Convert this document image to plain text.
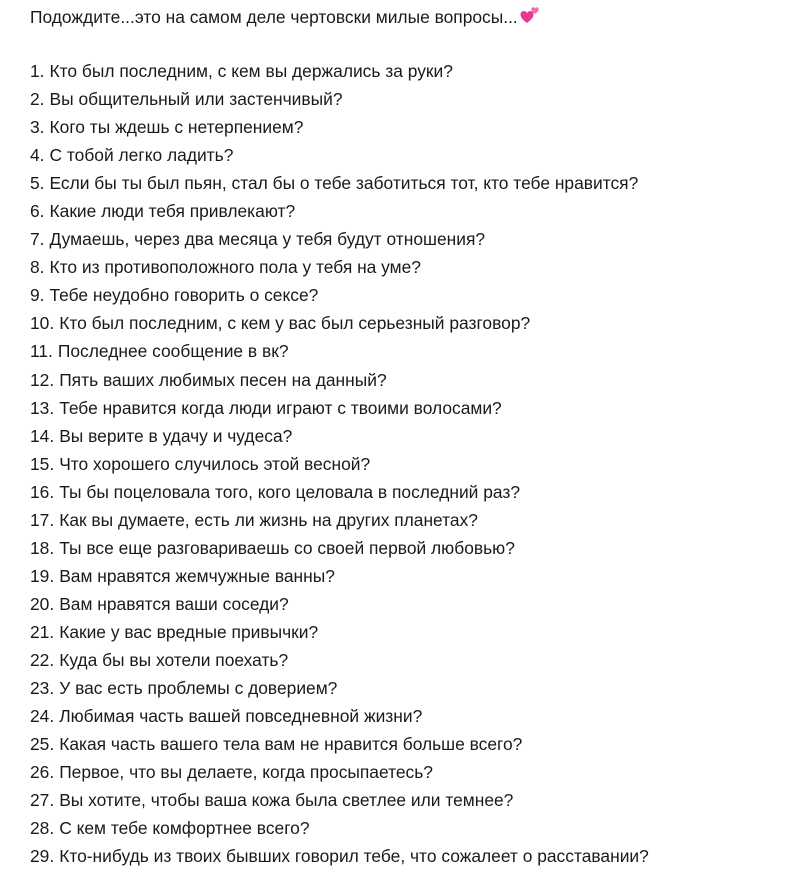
Подождите...это на самом деле чертовски милые вопросы...
1. Кто был последним, с кем вы держались за руки?
2. Вы общительный или застенчивый?
3. Кого ты ждешь с нетерпением?
4. С тобой легко ладить?
5. Если бы ты был пьян, стал бы о тебе заботиться тот, кто тебе нравится?
6. Какие люди тебя привлекают?
7. Думаешь, через два месяца у тебя будут отношения?
8. Кто из противоположного пола у тебя на уме?
9. Тебе неудобно говорить о сексе?
10. Кто был последним, с кем у вас был серьезный разговор?
11. Последнее сообщение в вк?
12. Пять ваших любимых песен на данный?
13. Тебе нравится когда люди играют с твоими волосами?
14. Вы верите в удачу и чудеса?
15. Что хорошего случилось этой весной?
16. Ты бы поцеловала того, кого целовала в последний раз?
17. Как вы думаете, есть ли жизнь на других планетах?
18. Ты все еще разговариваешь со своей первой любовью?
19. Вам нравятся жемчужные ванны?
20. Вам нравятся ваши соседи?
21. Какие у вас вредные привычки?
22. Куда бы вы хотели поехать?
23. У вас есть проблемы с доверием?
24. Любимая часть вашей повседневной жизни?
25. Какая часть вашего тела вам не нравится больше всего?
26. Первое, что вы делаете, когда просыпаетесь?
27. Вы хотите, чтобы ваша кожа была светлее или темнее?
28. С кем тебе комфортнее всего?
29. Кто-нибудь из твоих бывших говорил тебе, что сожалеет о расставании?
